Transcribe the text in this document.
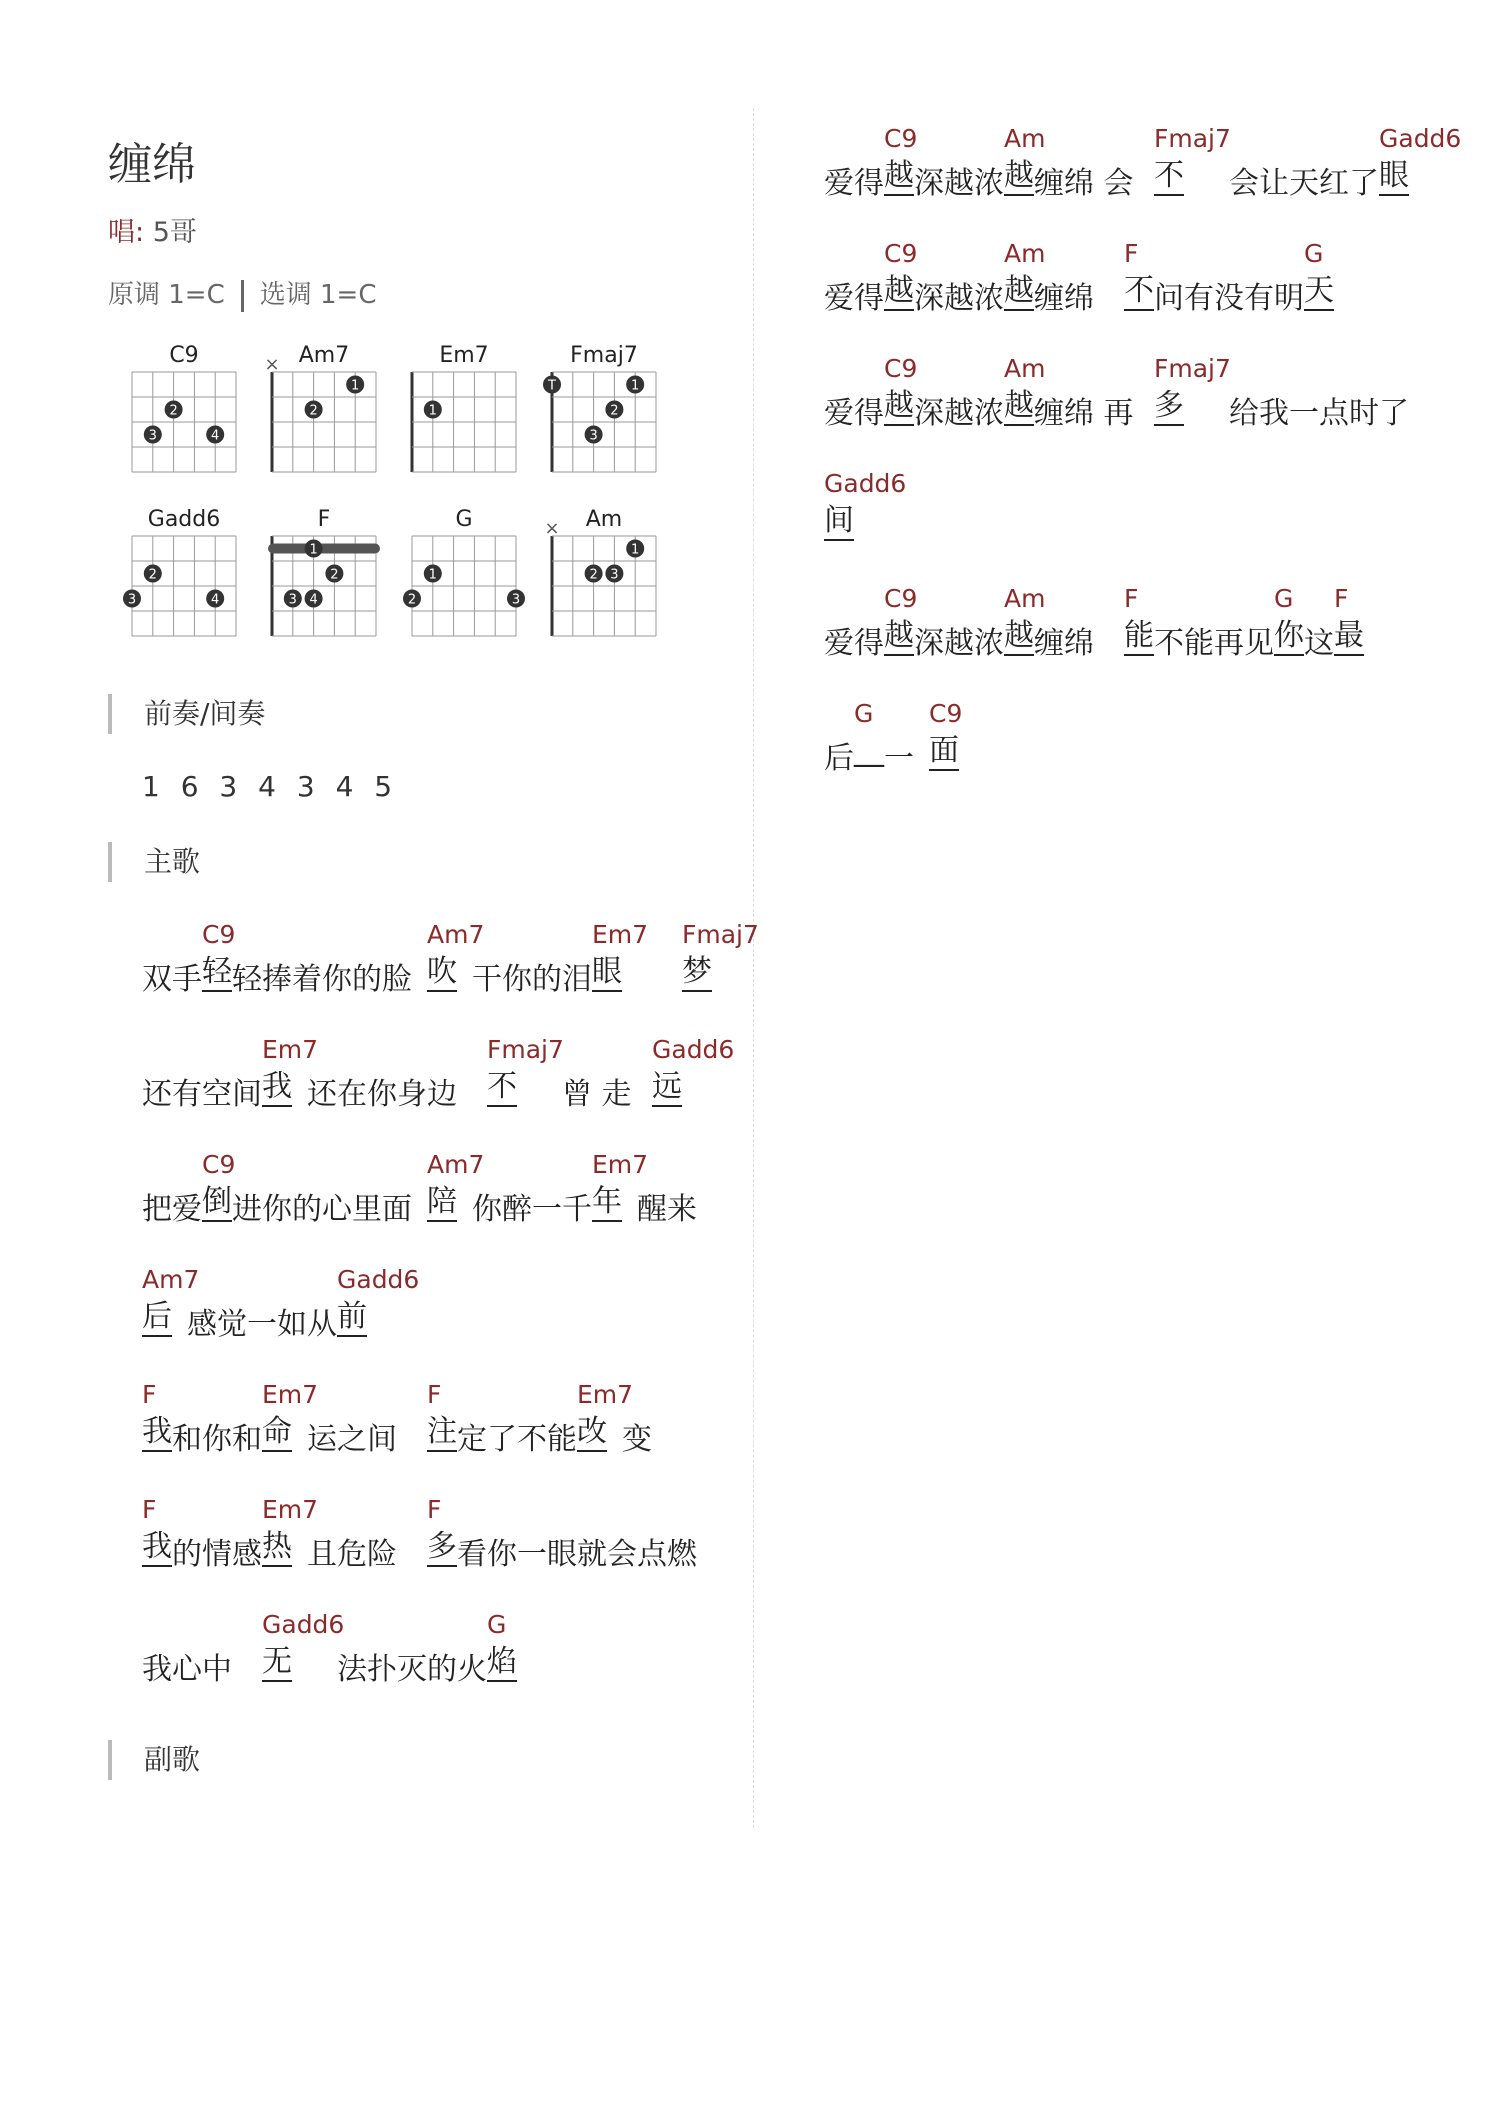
缠绵
唱: 5哥
原调 1=C 选调 1=C
C9
2
3	4
Am7
×
1
2
Em7
1
Fmaj7
T	1
2
3
Gadd6
2
3	4
F
1
2
3 4
G
1
2	3
Am
×
1
2 3
前奏/间奏
1 6 3 4 3 4 5
主歌
副歌
双手
C9
轻 轻捧着你的脸
Am7
吹 干你的泪
Em7
眼
Fmaj7
梦
还有空间
Em7
我 还在你身边
Fmaj7
不 曾 走
Gadd6
远
把爱
C9
倒 进你的心里面
Am7
陪 你醉一千
Em7
年 醒来
Am7
后 感觉一如从
Gadd6
前
F
我 和你和
Em7
命 运之间
F
注 定了不能
Em7
改 变
F
我 的情感
Em7
热 且危险
F
多 看你一眼就会点燃
我心中
Gadd6
无 法扑灭的火
G
焰
爱得
C9
越 深越浓
Am
越 缠绵 会
Fmaj7
不 会让天红了
Gadd6
眼
爱得
C9
越 深越浓
Am
越 缠绵
F
不 问有没有明
G
天
爱得
C9
越 深越浓
Am
越 缠绵 再
Fmaj7
多 给我一点时了
Gadd6
间
爱得
C9
越 深越浓
Am
越 缠绵
F
能 不能再见
G
你 这
F
最
后
G
__ 一
C9
面
